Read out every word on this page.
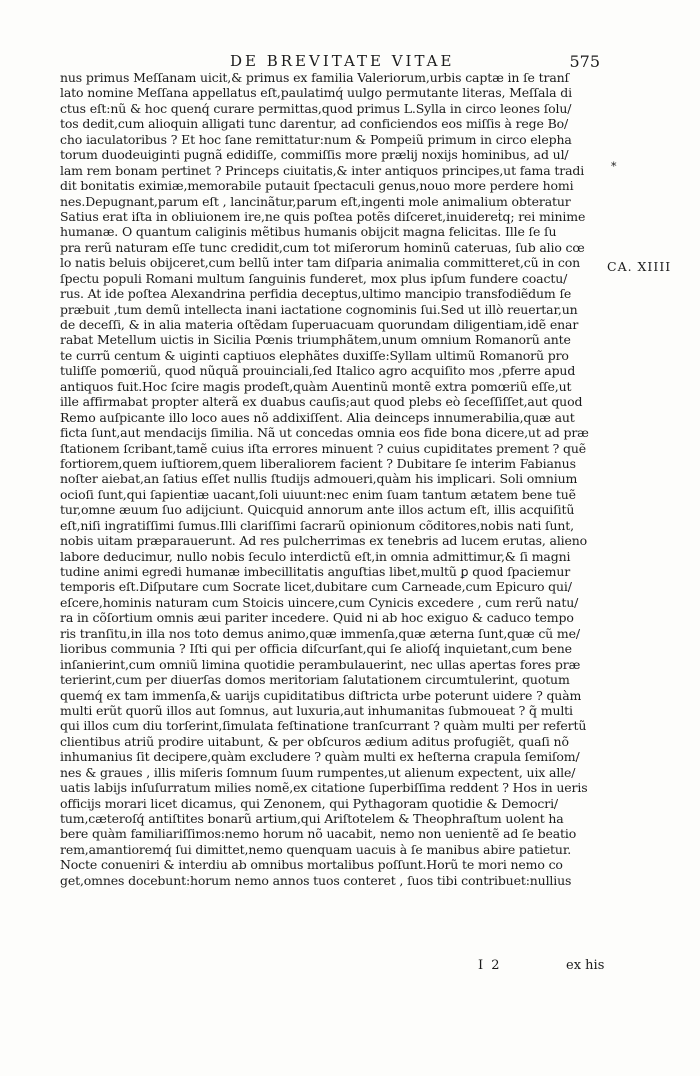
DE BREVITATE VITAE	575
nus primus Meſſanam uicit,& primus ex familia Valeriorum,urbis captæ in ſe tranſ
lato nomine Meſſana appellatus eſt,paulatimq́ uulgo permutante literas, Meſſala di
ctus eſt:nũ & hoc quenq́ curare permittas,quod primus L.Sylla in circo leones ſolu/
tos dedit,cum alioquin alligati tunc darentur, ad conficiendos eos miſſis à rege Bo/
cho iaculatoribus ? Et hoc ſane remittatur:num & Pompeiũ primum in circo elepha
torum duodeuiginti pugnã edidiſſe, commiſſis more prælij noxijs hominibus, ad ul/
lam rem bonam pertinet ? Princeps ciuitatis,& inter antiquos principes,ut fama tradi
dit bonitatis eximiæ,memorabile putauit ſpectaculi genus,nouo more perdere homi
nes.Depugnant,parum eſt , lancinãtur,parum eſt,ingenti mole animalium obteratur
Satius erat iſta in obliuionem ire,ne quis poſtea potẽs diſceret,inuidereṫq; rei minime
humanæ. O quantum caliginis mẽtibus humanis obijcit magna felicitas. Ille ſe ſu
pra rerũ naturam eſſe tunc credidit,cum tot miſerorum hominũ cateruas, ſub alio cœ
lo natis beluis obijceret,cum bellũ inter tam diſparia animalia committeret,cũ in con
ſpectu populi Romani multum ſanguinis funderet, mox plus ipſum fundere coactu/
rus. At ide poſtea Alexandrina perfidia deceptus,ultimo mancipio transfodiẽdum ſe
præbuit ,tum demũ intellecta inani iactatione cognominis ſui.Sed ut illò reuertar,un
de deceſſi, & in alia materia oſtẽdam ſuperuacuam quorundam diligentiam,idẽ enar
rabat Metellum uictis in Sicilia Pœnis triumphãtem,unum omnium Romanorũ ante
te currũ centum & uiginti captiuos elephãtes duxiſſe:Syllam ultimũ Romanorũ pro
tuliſſe pomœriũ, quod nũquã prouinciali,ſed Italico agro acquiſito mos ,pferre apud
antiquos fuit.Hoc ſcire magis prodeſt,quàm Auentinũ montẽ extra pomœriũ eſſe,ut
ille affirmabat propter alterã ex duabus cauſis;aut quod plebs eò ſeceſſiſſet,aut quod
Remo auſpicante illo loco aues nõ addixiſſent. Alia deinceps innumerabilia,quæ aut
ficta ſunt,aut mendacijs ſimilia. Nã ut concedas omnia eos fide bona dicere,ut ad præ
ſtationem ſcribant,tamẽ cuius iſta errores minuent ? cuius cupiditates prement ? quẽ
fortiorem,quem iuſtiorem,quem liberaliorem facient ? Dubitare ſe interim Fabianus
noſter aiebat,an ſatius eſſet nullis ſtudijs admoueri,quàm his implicari. Soli omnium
ocioſi ſunt,qui ſapientiæ uacant,ſoli uiuunt:nec enim ſuam tantum ætatem bene tuẽ
tur,omne æuum ſuo adijciunt. Quicquid annorum ante illos actum eſt, illis acquiſitũ
eſt,niſi ingratiſſimi ſumus.Illi clariſſimi ſacrarũ opinionum cõditores,nobis nati ſunt,
nobis uitam præparauerunt. Ad res pulcherrimas ex tenebris ad lucem erutas, alieno
labore deducimur, nullo nobis ſeculo interdictũ eſt,in omnia admittimur,& ſi magni
tudine animi egredi humanæ imbecillitatis anguſtias libet,multũ ꝑ quod ſpaciemur
temporis eſt.Diſputare cum Socrate licet,dubitare cum Carneade,cum Epicuro qui/
eſcere,hominis naturam cum Stoicis uincere,cum Cynicis excedere , cum rerũ natu/
ra in cõſortium omnis æui pariter incedere. Quid ni ab hoc exiguo & caduco tempo
ris tranſitu,in illa nos toto demus animo,quæ immenſa,quæ æterna ſunt,quæ cũ me/
lioribus communia ? Iſti qui per officia diſcurſant,qui ſe alioſq́ inquietant,cum bene
inſanierint,cum omniũ limina quotidie perambulauerint, nec ullas apertas fores præ
terierint,cum per diuerſas domos meritoriam ſalutationem circumtulerint, quotum
quemq́ ex tam immenſa,& uarijs cupiditatibus diſtricta urbe poterunt uidere ? quàm
multi erũt quorũ illos aut ſomnus, aut luxuria,aut inhumanitas ſubmoueat ? q̃ multi
qui illos cum diu torſerint,ſimulata feſtinatione tranſcurrant ? quàm multi per refertũ
clientibus atriũ prodire uitabunt, & per obſcuros ædium aditus profugiẽt, quaſi nõ
inhumanius ſit decipere,quàm excludere ? quàm multi ex heſterna crapula ſemiſom/
nes & graues , illis miſeris ſomnum ſuum rumpentes,ut alienum expectent, uix alle/
uatis labijs inſuſurratum milies nomẽ,ex citatione ſuperbiſſima reddent ? Hos in ueris
officijs morari licet dicamus, qui Zenonem, qui Pythagoram quotidie & Democri/
tum,cæteroſq́ antiſtites bonarũ artium,qui Ariſtotelem & Theophraſtum uolent ha
bere quàm familiariſſimos:nemo horum nõ uacabit, nemo non uenientẽ ad ſe beatio
rem,amantioremq́ ſui dimittet,nemo quenquam uacuis à ſe manibus abire patietur.
Nocte conueniri & interdiu ab omnibus mortalibus poſſunt.Horũ te mori nemo co
get,omnes docebunt:horum nemo annos tuos conteret , ſuos tibi contribuet:nullius
*
CA. XIIII
I 2	ex his
